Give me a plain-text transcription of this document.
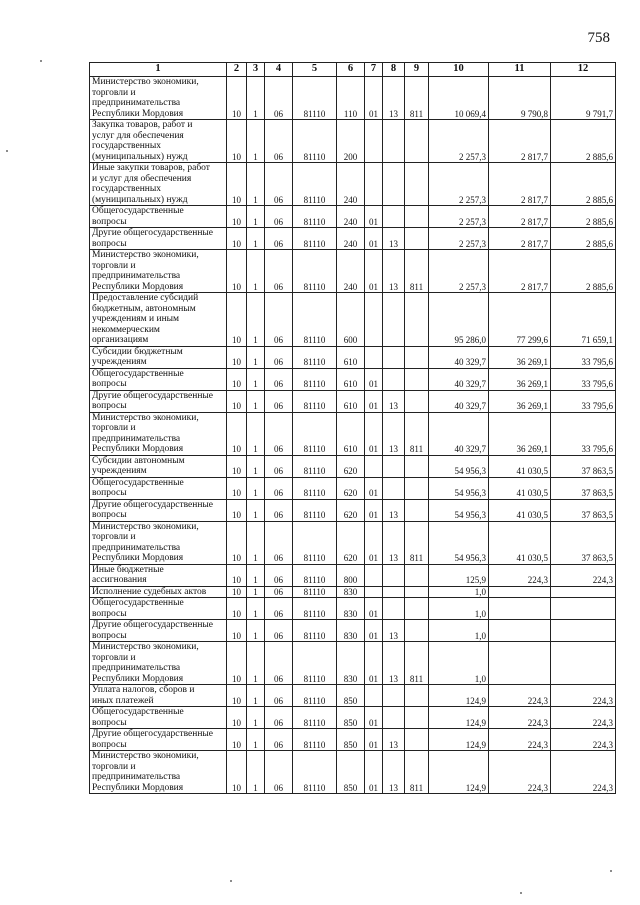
758
1	2	3	4	5	6	7	8	9	10	11	12
Министерство экономики,
торговли и
предпринимательства
Республики Мордовия	10	1	06	81110	110	01	13	811	10 069,4	9 790,8	9 791,7
Закупка товаров, работ и
услуг для обеспечения
государственных
(муниципальных) нужд	10	1	06	81110	200				2 257,3	2 817,7	2 885,6
Иные закупки товаров, работ
и услуг для обеспечения
государственных
(муниципальных) нужд	10	1	06	81110	240				2 257,3	2 817,7	2 885,6
Общегосударственные
вопросы	10	1	06	81110	240	01			2 257,3	2 817,7	2 885,6
Другие общегосударственные
вопросы	10	1	06	81110	240	01	13		2 257,3	2 817,7	2 885,6
Министерство экономики,
торговли и
предпринимательства
Республики Мордовия	10	1	06	81110	240	01	13	811	2 257,3	2 817,7	2 885,6
Предоставление субсидий
бюджетным, автономным
учреждениям и иным
некоммерческим
организациям	10	1	06	81110	600				95 286,0	77 299,6	71 659,1
Субсидии бюджетным
учреждениям	10	1	06	81110	610				40 329,7	36 269,1	33 795,6
Общегосударственные
вопросы	10	1	06	81110	610	01			40 329,7	36 269,1	33 795,6
Другие общегосударственные
вопросы	10	1	06	81110	610	01	13		40 329,7	36 269,1	33 795,6
Министерство экономики,
торговли и
предпринимательства
Республики Мордовия	10	1	06	81110	610	01	13	811	40 329,7	36 269,1	33 795,6
Субсидии автономным
учреждениям	10	1	06	81110	620				54 956,3	41 030,5	37 863,5
Общегосударственные
вопросы	10	1	06	81110	620	01			54 956,3	41 030,5	37 863,5
Другие общегосударственные
вопросы	10	1	06	81110	620	01	13		54 956,3	41 030,5	37 863,5
Министерство экономики,
торговли и
предпринимательства
Республики Мордовия	10	1	06	81110	620	01	13	811	54 956,3	41 030,5	37 863,5
Иные бюджетные
ассигнования	10	1	06	81110	800				125,9	224,3	224,3
Исполнение судебных актов	10	1	06	81110	830				1,0		
Общегосударственные
вопросы	10	1	06	81110	830	01			1,0		
Другие общегосударственные
вопросы	10	1	06	81110	830	01	13		1,0		
Министерство экономики,
торговли и
предпринимательства
Республики Мордовия	10	1	06	81110	830	01	13	811	1,0		
Уплата налогов, сборов и
иных платежей	10	1	06	81110	850				124,9	224,3	224,3
Общегосударственные
вопросы	10	1	06	81110	850	01			124,9	224,3	224,3
Другие общегосударственные
вопросы	10	1	06	81110	850	01	13		124,9	224,3	224,3
Министерство экономики,
торговли и
предпринимательства
Республики Мордовия	10	1	06	81110	850	01	13	811	124,9	224,3	224,3
